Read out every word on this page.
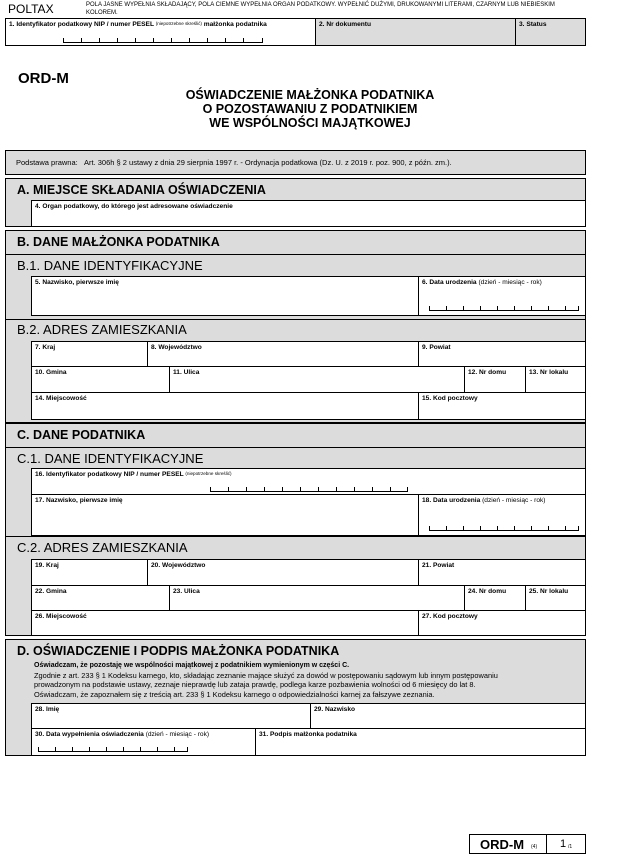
POLTAX	POLA JASNE WYPEŁNIA SKŁADAJĄCY, POLA CIEMNE WYPEŁNIA ORGAN PODATKOWY. WYPEŁNIĆ DUŻYMI, DRUKOWANYMI LITERAMI, CZARNYM LUB NIEBIESKIM KOLOREM.
1. Identyfikator podatkowy NIP / numer PESEL $^{(niepotrzebne skreślić)}$ małżonka podatnika	2. Nr dokumentu	3. Status
ORD-M
OŚWIADCZENIE MAŁŻONKA PODATNIKA
O POZOSTAWANIU Z PODATNIKIEM
WE WSPÓLNOŚCI MAJĄTKOWEJ
Podstawa prawna: Art. 306h § 2 ustawy z dnia 29 sierpnia 1997 r. - Ordynacja podatkowa (Dz. U. z 2019 r. poz. 900, z późn. zm.).
A. MIEJSCE SKŁADANIA OŚWIADCZENIA
4. Organ podatkowy, do którego jest adresowane oświadczenie
B. DANE MAŁŻONKA PODATNIKA
B.1. DANE IDENTYFIKACYJNE
5. Nazwisko, pierwsze imię	6. Data urodzenia (dzień - miesiąc - rok)
B.2. ADRES ZAMIESZKANIA
7. Kraj	8. Województwo	9. Powiat
10. Gmina	11. Ulica	12. Nr domu	13. Nr lokalu
14. Miejscowość	15. Kod pocztowy
C. DANE PODATNIKA
C.1. DANE IDENTYFIKACYJNE
16. Identyfikator podatkowy NIP / numer PESEL $^{(niepotrzebne skreślić)}$
17. Nazwisko, pierwsze imię	18. Data urodzenia (dzień - miesiąc - rok)
C.2. ADRES ZAMIESZKANIA
19. Kraj	20. Województwo	21. Powiat
22. Gmina	23. Ulica	24. Nr domu	25. Nr lokalu
26. Miejscowość	27. Kod pocztowy
D. OŚWIADCZENIE I PODPIS MAŁŻONKA PODATNIKA
Oświadczam, że pozostaję we wspólności majątkowej z podatnikiem wymienionym w części C.
Zgodnie z art. 233 § 1 Kodeksu karnego, kto, składając zeznanie mające służyć za dowód w postępowaniu sądowym lub innym postępowaniu
prowadzonym na podstawie ustawy, zeznaje nieprawdę lub zataja prawdę, podlega karze pozbawienia wolności od 6 miesięcy do lat 8.
Oświadczam, że zapoznałem się z treścią art. 233 § 1 Kodeksu karnego o odpowiedzialności karnej za fałszywe zeznania.
28. Imię	29. Nazwisko
30. Data wypełnienia oświadczenia (dzień - miesiąc - rok)	31. Podpis małżonka podatnika
ORD-M (4) 1 /1
